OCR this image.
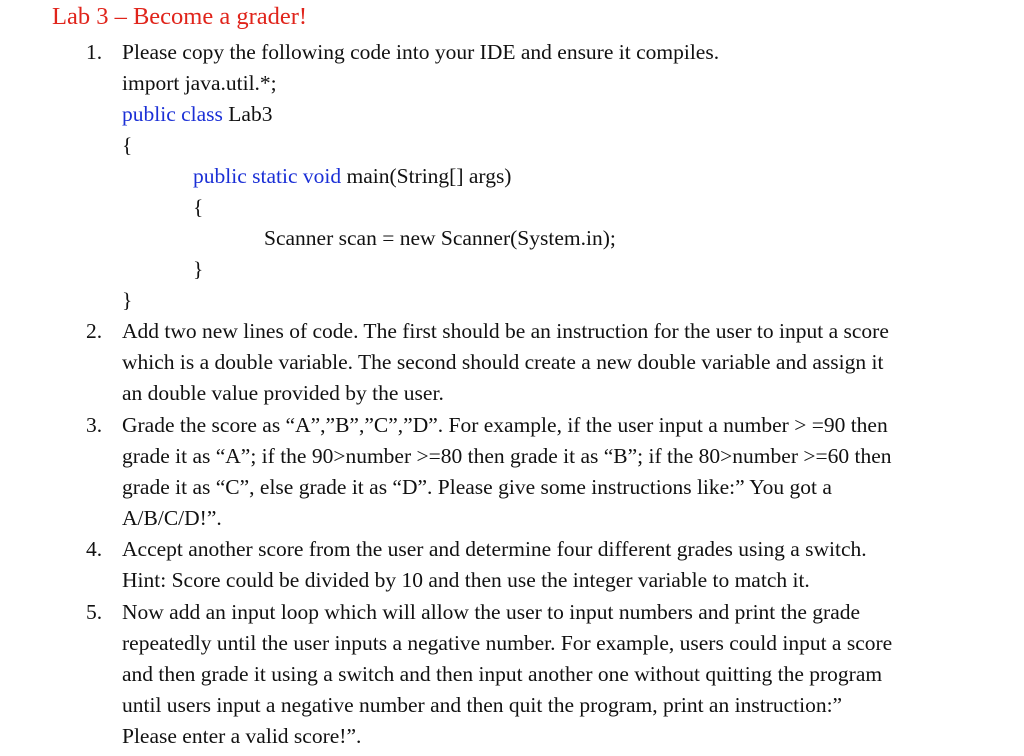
Lab 3 – Become a grader!
1. Please copy the following code into your IDE and ensure it compiles.
import java.util.*;
public class Lab3
{
public static void main(String[] args)
{
Scanner scan = new Scanner(System.in);
}
}
2. Add two new lines of code. The first should be an instruction for the user to input a score
which is a double variable. The second should create a new double variable and assign it
an double value provided by the user.
3. Grade the score as “A”,”B”,”C”,”D”. For example, if the user input a number > =90 then
grade it as “A”; if the 90>number >=80 then grade it as “B”; if the 80>number >=60 then
grade it as “C”, else grade it as “D”. Please give some instructions like:” You got a
A/B/C/D!”.
4. Accept another score from the user and determine four different grades using a switch.
Hint: Score could be divided by 10 and then use the integer variable to match it.
5. Now add an input loop which will allow the user to input numbers and print the grade
repeatedly until the user inputs a negative number. For example, users could input a score
and then grade it using a switch and then input another one without quitting the program
until users input a negative number and then quit the program, print an instruction:”
Please enter a valid score!”.
